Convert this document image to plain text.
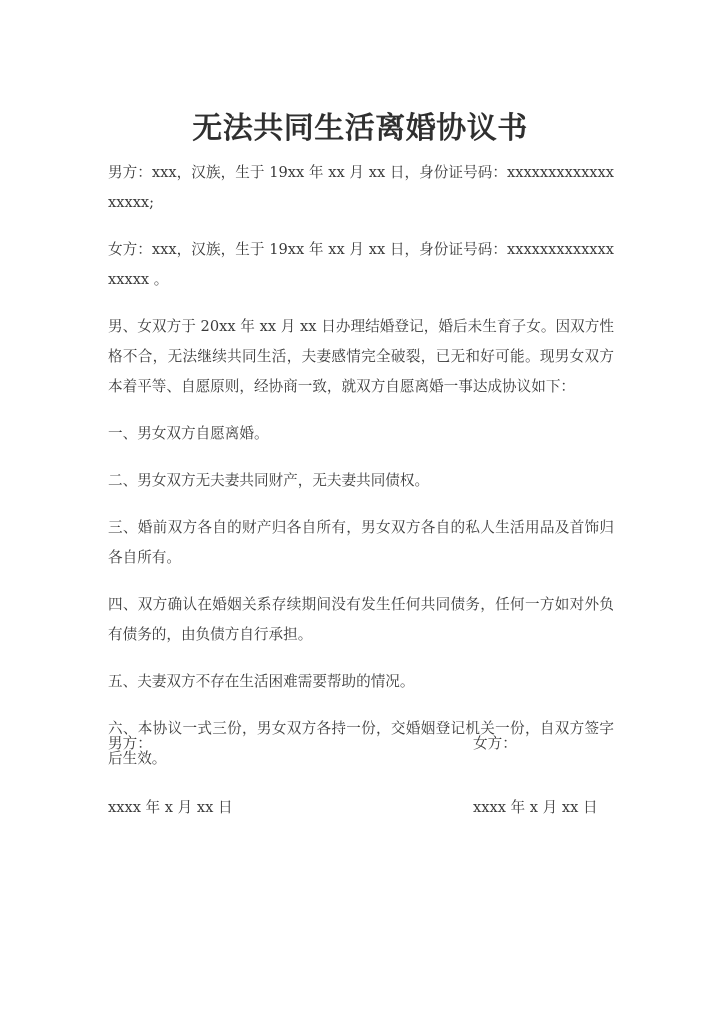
无法共同生活离婚协议书

男方：xxx，汉族，生于 19xx 年 xx 月 xx 日，身份证号码：xxxxxxxxxxxxxxxxxx;

女方：xxx，汉族，生于 19xx 年 xx 月 xx 日，身份证号码：xxxxxxxxxxxxxxxxxx 。

男、女双方于 20xx 年 xx 月 xx 日办理结婚登记，婚后未生育子女。因双方性格不合，无法继续共同生活，夫妻感情完全破裂，已无和好可能。现男女双方本着平等、自愿原则，经协商一致，就双方自愿离婚一事达成协议如下：

一、男女双方自愿离婚。

二、男女双方无夫妻共同财产，无夫妻共同债权。

三、婚前双方各自的财产归各自所有，男女双方各自的私人生活用品及首饰归各自所有。

四、双方确认在婚姻关系存续期间没有发生任何共同债务，任何一方如对外负有债务的，由负债方自行承担。

五、夫妻双方不存在生活困难需要帮助的情况。

六、本协议一式三份，男女双方各持一份，交婚姻登记机关一份，自双方签字后生效。

男方：	女方：
xxxx 年 x 月 xx 日	xxxx 年 x 月 xx 日
